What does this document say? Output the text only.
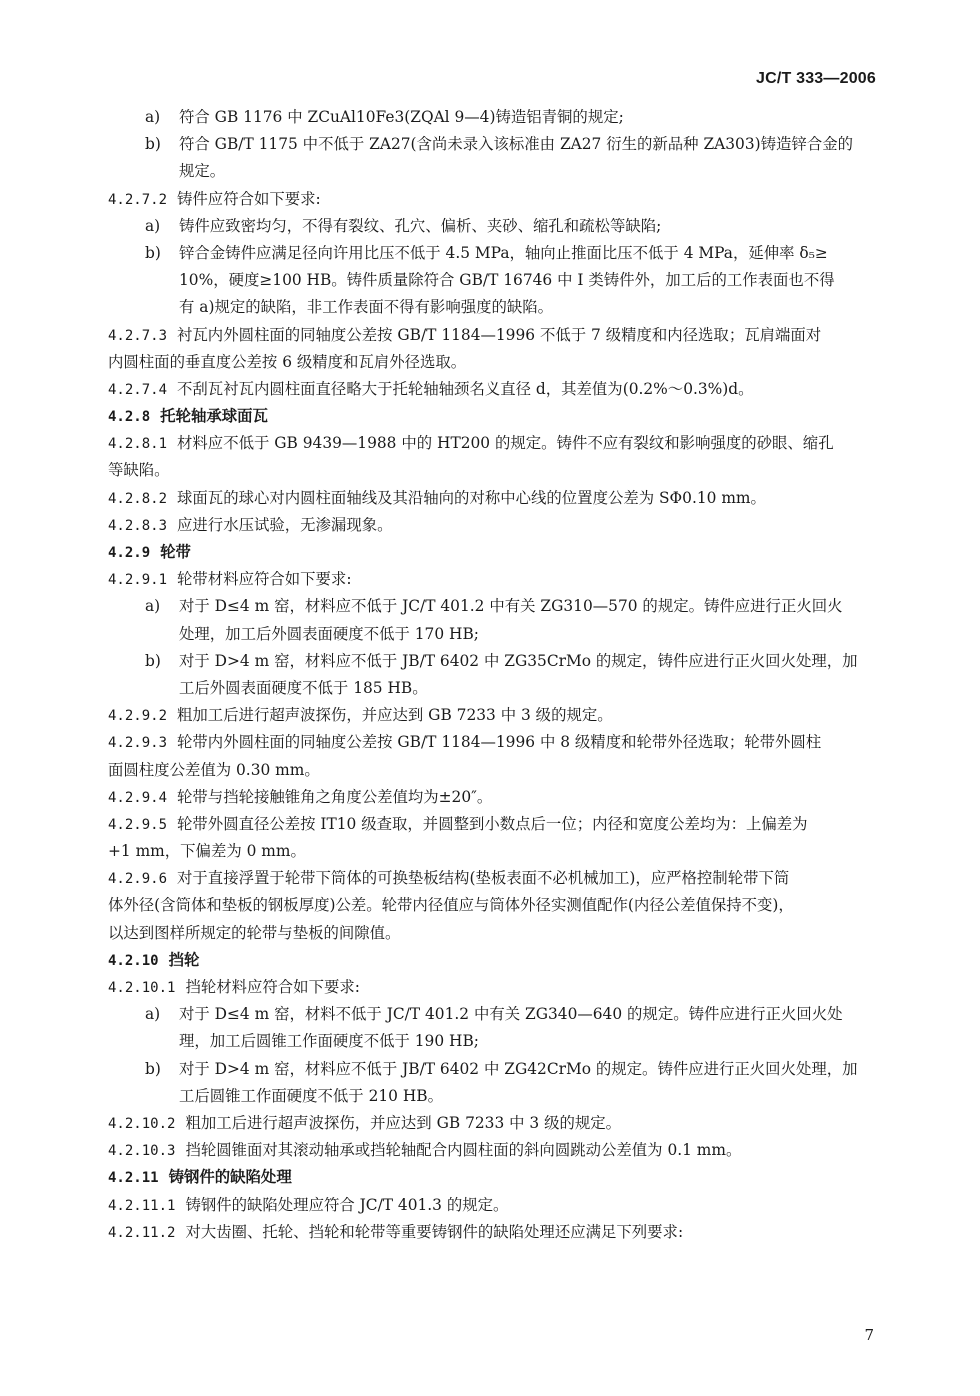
JC/T 333—2006
a) 符合 GB 1176 中 ZCuAl10Fe3(ZQAl 9—4)铸造铝青铜的规定;
b) 符合 GB/T 1175 中不低于 ZA27(含尚未录入该标准由 ZA27 衍生的新品种 ZA303)铸造锌合金的
规定。
4.2.7.2 铸件应符合如下要求:
a) 铸件应致密均匀，不得有裂纹、孔穴、偏析、夹砂、缩孔和疏松等缺陷;
b) 锌合金铸件应满足径向许用比压不低于 4.5 MPa，轴向止推面比压不低于 4 MPa，延伸率 δ₅≥
10%，硬度≥100 HB。铸件质量除符合 GB/T 16746 中 I 类铸件外，加工后的工作表面也不得
有 a)规定的缺陷，非工作表面不得有影响强度的缺陷。
4.2.7.3 衬瓦内外圆柱面的同轴度公差按 GB/T 1184—1996 不低于 7 级精度和内径选取；瓦肩端面对
内圆柱面的垂直度公差按 6 级精度和瓦肩外径选取。
4.2.7.4 不刮瓦衬瓦内圆柱面直径略大于托轮轴轴颈名义直径 d，其差值为(0.2%～0.3%)d。
4.2.8 托轮轴承球面瓦
4.2.8.1 材料应不低于 GB 9439—1988 中的 HT200 的规定。铸件不应有裂纹和影响强度的砂眼、缩孔
等缺陷。
4.2.8.2 球面瓦的球心对内圆柱面轴线及其沿轴向的对称中心线的位置度公差为 SΦ0.10 mm。
4.2.8.3 应进行水压试验，无渗漏现象。
4.2.9 轮带
4.2.9.1 轮带材料应符合如下要求:
a) 对于 D≤4 m 窑，材料应不低于 JC/T 401.2 中有关 ZG310—570 的规定。铸件应进行正火回火
处理，加工后外圆表面硬度不低于 170 HB;
b) 对于 D>4 m 窑，材料应不低于 JB/T 6402 中 ZG35CrMo 的规定，铸件应进行正火回火处理，加
工后外圆表面硬度不低于 185 HB。
4.2.9.2 粗加工后进行超声波探伤，并应达到 GB 7233 中 3 级的规定。
4.2.9.3 轮带内外圆柱面的同轴度公差按 GB/T 1184—1996 中 8 级精度和轮带外径选取；轮带外圆柱
面圆柱度公差值为 0.30 mm。
4.2.9.4 轮带与挡轮接触锥角之角度公差值均为±20″。
4.2.9.5 轮带外圆直径公差按 IT10 级查取，并圆整到小数点后一位；内径和宽度公差均为：上偏差为
+1 mm，下偏差为 0 mm。
4.2.9.6 对于直接浮置于轮带下筒体的可换垫板结构(垫板表面不必机械加工)，应严格控制轮带下筒
体外径(含筒体和垫板的钢板厚度)公差。轮带内径值应与筒体外径实测值配作(内径公差值保持不变)，
以达到图样所规定的轮带与垫板的间隙值。
4.2.10 挡轮
4.2.10.1 挡轮材料应符合如下要求:
a) 对于 D≤4 m 窑，材料不低于 JC/T 401.2 中有关 ZG340—640 的规定。铸件应进行正火回火处
理，加工后圆锥工作面硬度不低于 190 HB;
b) 对于 D>4 m 窑，材料应不低于 JB/T 6402 中 ZG42CrMo 的规定。铸件应进行正火回火处理，加
工后圆锥工作面硬度不低于 210 HB。
4.2.10.2 粗加工后进行超声波探伤，并应达到 GB 7233 中 3 级的规定。
4.2.10.3 挡轮圆锥面对其滚动轴承或挡轮轴配合内圆柱面的斜向圆跳动公差值为 0.1 mm。
4.2.11 铸钢件的缺陷处理
4.2.11.1 铸钢件的缺陷处理应符合 JC/T 401.3 的规定。
4.2.11.2 对大齿圈、托轮、挡轮和轮带等重要铸钢件的缺陷处理还应满足下列要求:
7
